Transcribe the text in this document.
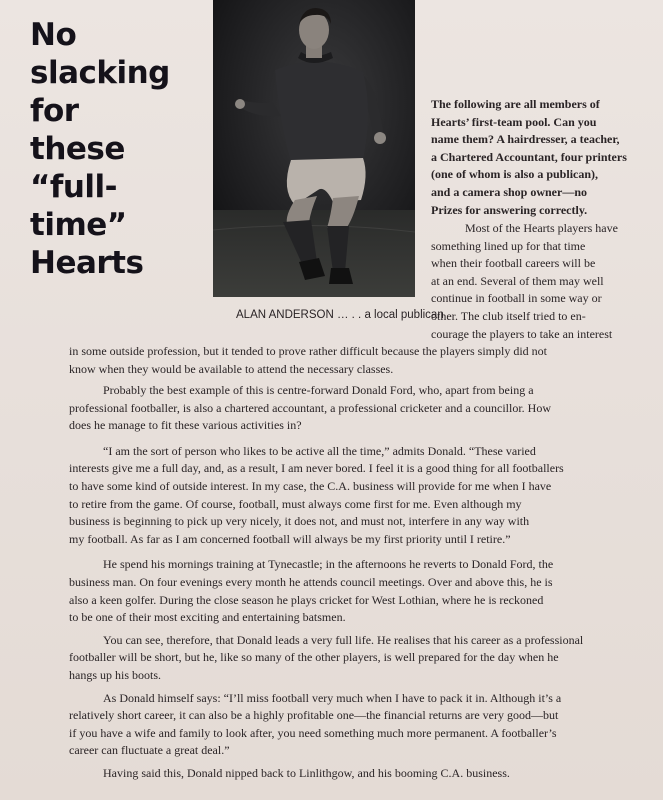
No
slacking
for
these
“full-time”
Hearts
ALAN ANDERSON … . . a local publican
The following are all members of
Hearts’ first-team pool. Can you
name them? A hairdresser, a teacher,
a Chartered Accountant, four printers
(one of whom is also a publican),
and a camera shop owner—no
Prizes for answering correctly.
Most of the Hearts players have
something lined up for that time
when their football careers will be
at an end. Several of them may well
continue in football in some way or
other. The club itself tried to en-
courage the players to take an interest
in some outside profession, but it tended to prove rather difficult because the players simply did not
know when they would be available to attend the necessary classes.
Probably the best example of this is centre-forward Donald Ford, who, apart from being a
professional footballer, is also a chartered accountant, a professional cricketer and a councillor. How
does he manage to fit these various activities in?
“I am the sort of person who likes to be active all the time,” admits Donald. “These varied
interests give me a full day, and, as a result, I am never bored. I feel it is a good thing for all footballers
to have some kind of outside interest. In my case, the C.A. business will provide for me when I have
to retire from the game. Of course, football, must always come first for me. Even although my
business is beginning to pick up very nicely, it does not, and must not, interfere in any way with
my football. As far as I am concerned football will always be my first priority until I retire.”
He spend his mornings training at Tynecastle; in the afternoons he reverts to Donald Ford, the
business man. On four evenings every month he attends council meetings. Over and above this, he is
also a keen golfer. During the close season he plays cricket for West Lothian, where he is reckoned
to be one of their most exciting and entertaining batsmen.
You can see, therefore, that Donald leads a very full life. He realises that his career as a professional
footballer will be short, but he, like so many of the other players, is well prepared for the day when he
hangs up his boots.
As Donald himself says: “I’ll miss football very much when I have to pack it in. Although it’s a
relatively short career, it can also be a highly profitable one—the financial returns are very good—but
if you have a wife and family to look after, you need something much more permanent. A footballer’s
career can fluctuate a great deal.”
Having said this, Donald nipped back to Linlithgow, and his booming C.A. business.
